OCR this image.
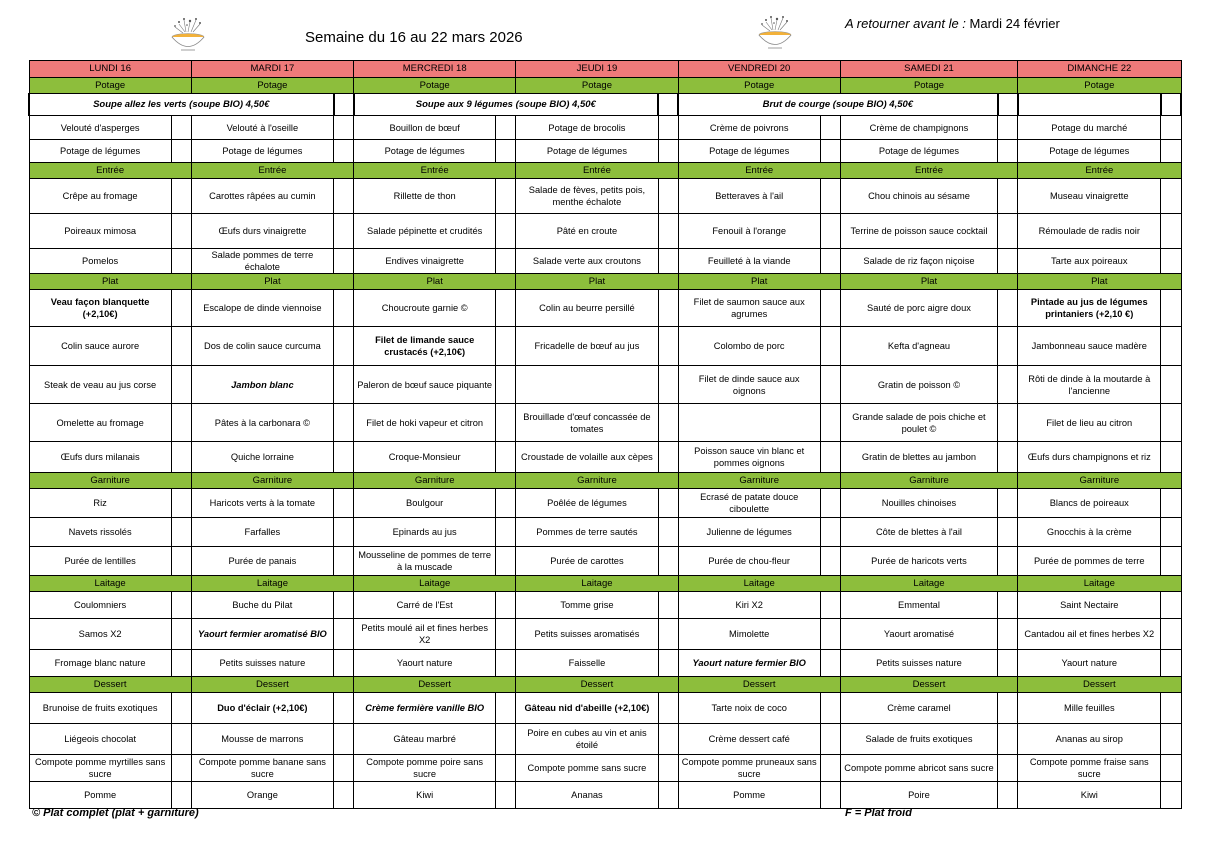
Semaine du 16 au 22 mars 2026
A retourner avant le : Mardi 24 février
LUNDI 16		MARDI 17		MERCREDI 18		JEUDI 19		VENDREDI 20		SAMEDI 21		DIMANCHE 22	
Potage		Potage		Potage		Potage		Potage		Potage		Potage	
Soupe allez les verts (soupe BIO) 4,50€				Soupe aux 9 légumes (soupe BIO) 4,50€				Brut de courge (soupe BIO) 4,50€					
Velouté d'asperges		Velouté à l'oseille		Bouillon de bœuf		Potage de brocolis		Crème de poivrons		Crème de champignons		Potage du marché	
Potage de légumes		Potage de légumes		Potage de légumes		Potage de légumes		Potage de légumes		Potage de légumes		Potage de légumes	
Entrée		Entrée		Entrée		Entrée		Entrée		Entrée		Entrée	
Crêpe au fromage		Carottes râpées au cumin		Rillette de thon		Salade de fèves, petits pois, menthe échalote		Betteraves à l'ail		Chou chinois au sésame		Museau vinaigrette	
Poireaux mimosa		Œufs durs vinaigrette		Salade pépinette et crudités		Pâté en croute		Fenouil à l'orange		Terrine de poisson sauce cocktail		Rémoulade de radis noir	
Pomelos		Salade pommes de terre échalote		Endives vinaigrette		Salade verte aux croutons		Feuilleté à la viande		Salade de riz façon niçoise		Tarte aux poireaux	
Plat		Plat		Plat		Plat		Plat		Plat		Plat	
Veau façon blanquette (+2,10€)		Escalope de dinde viennoise		Choucroute garnie ©		Colin au beurre persillé		Filet de saumon sauce aux agrumes		Sauté de porc aigre doux		Pintade au jus de légumes printaniers (+2,10 €)	
Colin sauce aurore		Dos de colin sauce curcuma		Filet de limande sauce crustacés (+2,10€)		Fricadelle de bœuf au jus		Colombo de porc		Kefta d'agneau		Jambonneau sauce madère	
Steak de veau au jus corse		Jambon blanc		Paleron de bœuf sauce piquante				Filet de dinde sauce aux oignons		Gratin de poisson ©		Rôti de dinde à la moutarde à l'ancienne	
Omelette au fromage		Pâtes à la carbonara ©		Filet de hoki vapeur et citron		Brouillade d'œuf concassée de tomates				Grande salade de pois chiche et poulet ©		Filet de lieu au citron	
Œufs durs milanais		Quiche lorraine		Croque-Monsieur		Croustade de volaille aux cèpes		Poisson sauce vin blanc et pommes oignons		Gratin de blettes au jambon		Œufs durs champignons et riz	
Garniture		Garniture		Garniture		Garniture		Garniture		Garniture		Garniture	
Riz		Haricots verts à la tomate		Boulgour		Poêlée de légumes		Ecrasé de patate douce ciboulette		Nouilles chinoises		Blancs de poireaux	
Navets rissolés		Farfalles		Epinards au jus		Pommes de terre sautés		Julienne de légumes		Côte de blettes à l'ail		Gnocchis à la crème	
Purée de lentilles		Purée de panais		Mousseline de pommes de terre à la muscade		Purée de carottes		Purée de chou-fleur		Purée de haricots verts		Purée de pommes de terre	
Laitage		Laitage		Laitage		Laitage		Laitage		Laitage		Laitage	
Coulomniers		Buche du Pilat		Carré de l'Est		Tomme grise		Kiri X2		Emmental		Saint Nectaire	
Samos X2		Yaourt fermier aromatisé BIO		Petits moulé ail et fines herbes X2		Petits suisses aromatisés		Mimolette		Yaourt aromatisé		Cantadou ail et fines herbes X2	
Fromage blanc nature		Petits suisses nature		Yaourt nature		Faisselle		Yaourt nature fermier BIO		Petits suisses nature		Yaourt nature	
Dessert		Dessert		Dessert		Dessert		Dessert		Dessert		Dessert	
Brunoise de fruits exotiques		Duo d'éclair (+2,10€)		Crème fermière vanille BIO		Gâteau nid d'abeille (+2,10€)		Tarte noix de coco		Crème caramel		Mille feuilles	
Liégeois chocolat		Mousse de marrons		Gâteau marbré		Poire en cubes au vin et anis étoilé		Crème dessert café		Salade de fruits exotiques		Ananas au sirop	
Compote pomme myrtilles sans sucre		Compote pomme banane sans sucre		Compote pomme poire sans sucre		Compote pomme sans sucre		Compote pomme pruneaux sans sucre		Compote pomme abricot sans sucre		Compote pomme fraise sans sucre	
Pomme		Orange		Kiwi		Ananas		Pomme		Poire		Kiwi	
© Plat complet (plat + garniture)	F = Plat froid
